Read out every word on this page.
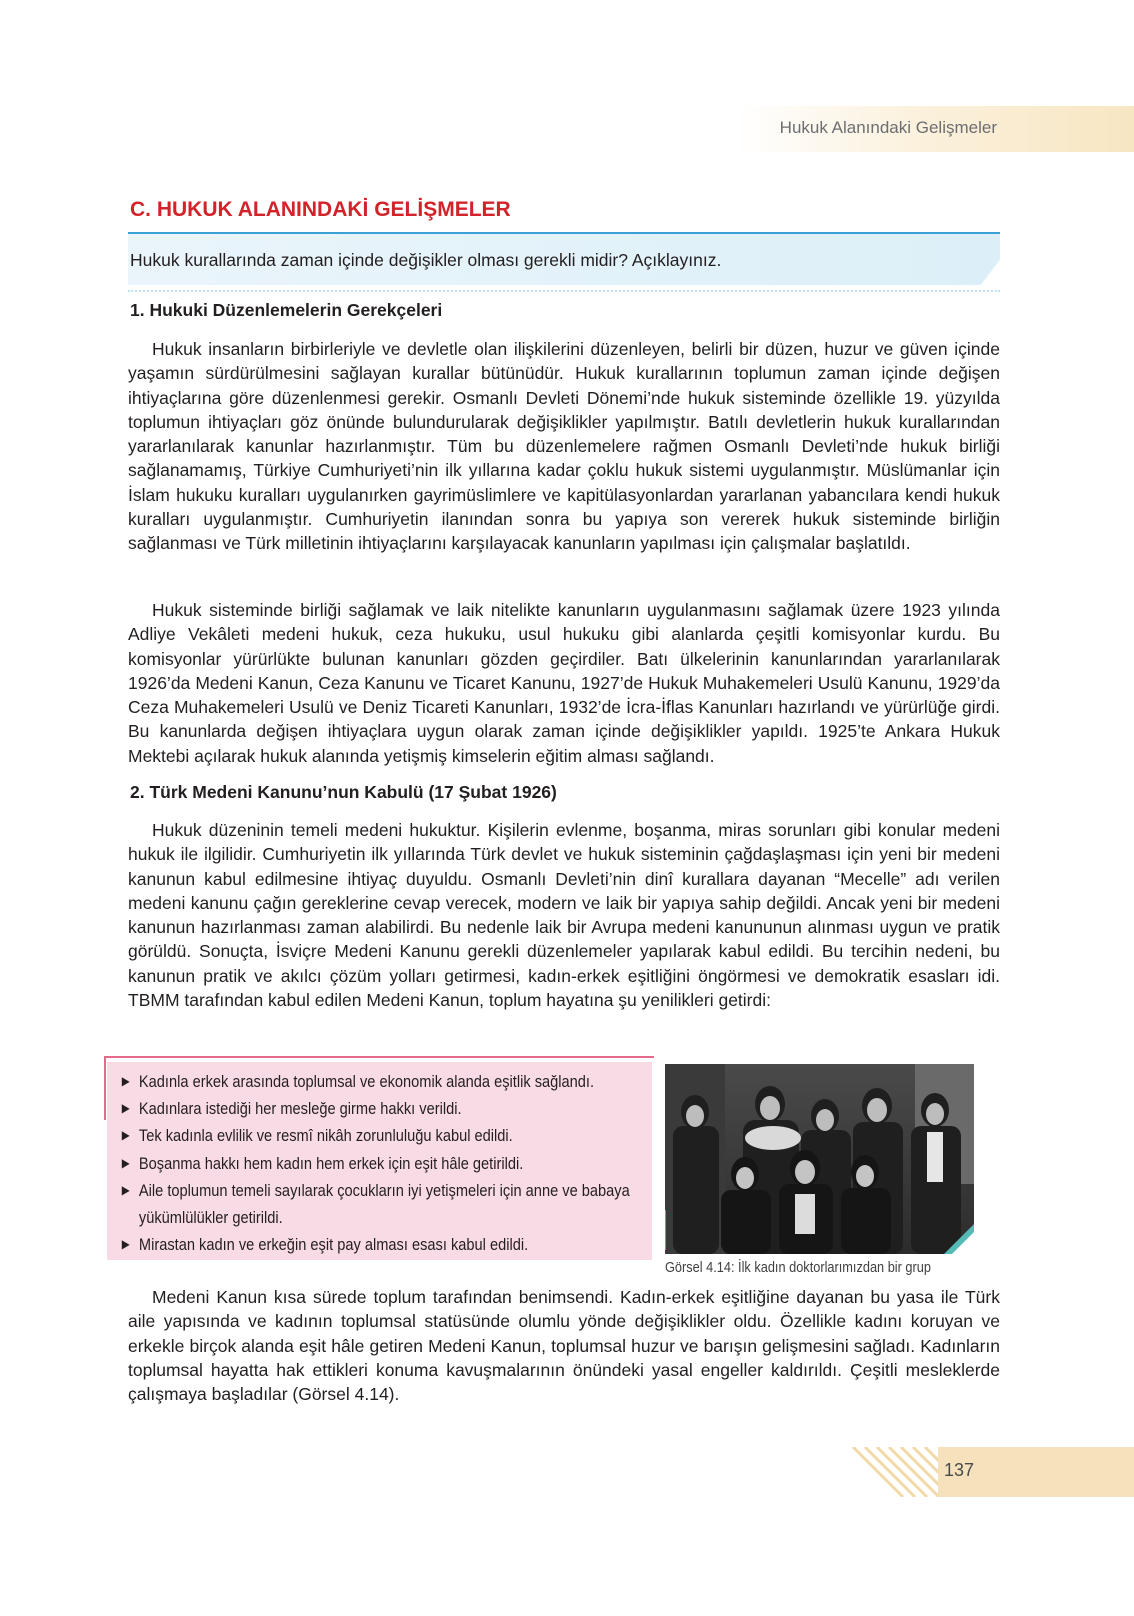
Hukuk Alanındaki Gelişmeler
C. HUKUK ALANINDAKİ GELİŞMELER
Hukuk kurallarında zaman içinde değişikler olması gerekli midir? Açıklayınız.
1. Hukuki Düzenlemelerin Gerekçeleri

Hukuk insanların birbirleriyle ve devletle olan ilişkilerini düzenleyen, belirli bir düzen, huzur ve güven içinde yaşamın sürdürülmesini sağlayan kurallar bütünüdür. Hukuk kurallarının toplumun zaman içinde değişen ihtiyaçlarına göre düzenlenmesi gerekir. Osmanlı Devleti Dönemi’nde hukuk sisteminde özellikle 19. yüzyılda toplumun ihtiyaçları göz önünde bulundurularak değişiklikler yapılmıştır. Batılı devletlerin hukuk kurallarından yararlanılarak kanunlar hazırlanmıştır. Tüm bu düzenlemelere rağmen Osmanlı Devleti’nde hukuk birliği sağlanamamış, Türkiye Cumhuriyeti’nin ilk yıllarına kadar çoklu hukuk sistemi uygulanmıştır. Müslümanlar için İslam hukuku kuralları uygulanırken gayrimüslimlere ve kapitülasyonlardan yararlanan yabancılara kendi hukuk kuralları uygulanmıştır. Cumhuriyetin ilanından sonra bu yapıya son vererek hukuk sisteminde birliğin sağlanması ve Türk milletinin ihtiyaçlarını karşılayacak kanunların yapılması için çalışmalar başlatıldı.

Hukuk sisteminde birliği sağlamak ve laik nitelikte kanunların uygulanmasını sağlamak üzere 1923 yılında Adliye Vekâleti medeni hukuk, ceza hukuku, usul hukuku gibi alanlarda çeşitli komisyonlar kurdu. Bu komisyonlar yürürlükte bulunan kanunları gözden geçirdiler. Batı ülkelerinin kanunlarından yararlanılarak 1926’da Medeni Kanun, Ceza Kanunu ve Ticaret Kanunu, 1927’de Hukuk Muhakemeleri Usulü Kanunu, 1929’da Ceza Muhakemeleri Usulü ve Deniz Ticareti Kanunları, 1932’de İcra-İflas Kanunları hazırlandı ve yürürlüğe girdi. Bu kanunlarda değişen ihtiyaçlara uygun olarak zaman içinde değişiklikler yapıldı. 1925’te Ankara Hukuk Mektebi açılarak hukuk alanında yetişmiş kimselerin eğitim alması sağlandı.

2. Türk Medeni Kanunu’nun Kabulü (17 Şubat 1926)

Hukuk düzeninin temeli medeni hukuktur. Kişilerin evlenme, boşanma, miras sorunları gibi konular medeni hukuk ile ilgilidir. Cumhuriyetin ilk yıllarında Türk devlet ve hukuk sisteminin çağdaşlaşması için yeni bir medeni kanunun kabul edilmesine ihtiyaç duyuldu. Osmanlı Devleti’nin dinî kurallara dayanan “Mecelle” adı verilen medeni kanunu çağın gereklerine cevap verecek, modern ve laik bir yapıya sahip değildi. Ancak yeni bir medeni kanunun hazırlanması zaman alabilirdi. Bu nedenle laik bir Avrupa medeni kanununun alınması uygun ve pratik görüldü. Sonuçta, İsviçre Medeni Kanunu gerekli düzenlemeler yapılarak kabul edildi. Bu tercihin nedeni, bu kanunun pratik ve akılcı çözüm yolları getirmesi, kadın-erkek eşitliğini öngörmesi ve demokratik esasları idi. TBMM tarafından kabul edilen Medeni Kanun, toplum hayatına şu yenilikleri getirdi:

▶ Kadınla erkek arasında toplumsal ve ekonomik alanda eşitlik sağlandı.
▶ Kadınlara istediği her mesleğe girme hakkı verildi.
▶ Tek kadınla evlilik ve resmî nikâh zorunluluğu kabul edildi.
▶ Boşanma hakkı hem kadın hem erkek için eşit hâle getirildi.
▶ Aile toplumun temeli sayılarak çocukların iyi yetişmeleri için anne ve babaya yükümlülükler getirildi.
▶ Mirastan kadın ve erkeğin eşit pay alması esası kabul edildi.
Görsel 4.14: İlk kadın doktorlarımızdan bir grup

Medeni Kanun kısa sürede toplum tarafından benimsendi. Kadın-erkek eşitliğine dayanan bu yasa ile Türk aile yapısında ve kadının toplumsal statüsünde olumlu yönde değişiklikler oldu. Özellikle kadını koruyan ve erkekle birçok alanda eşit hâle getiren Medeni Kanun, toplumsal huzur ve barışın gelişmesini sağladı. Kadınların toplumsal hayatta hak ettikleri konuma kavuşmalarının önündeki yasal engeller kaldırıldı. Çeşitli mesleklerde çalışmaya başladılar (Görsel 4.14).

137
